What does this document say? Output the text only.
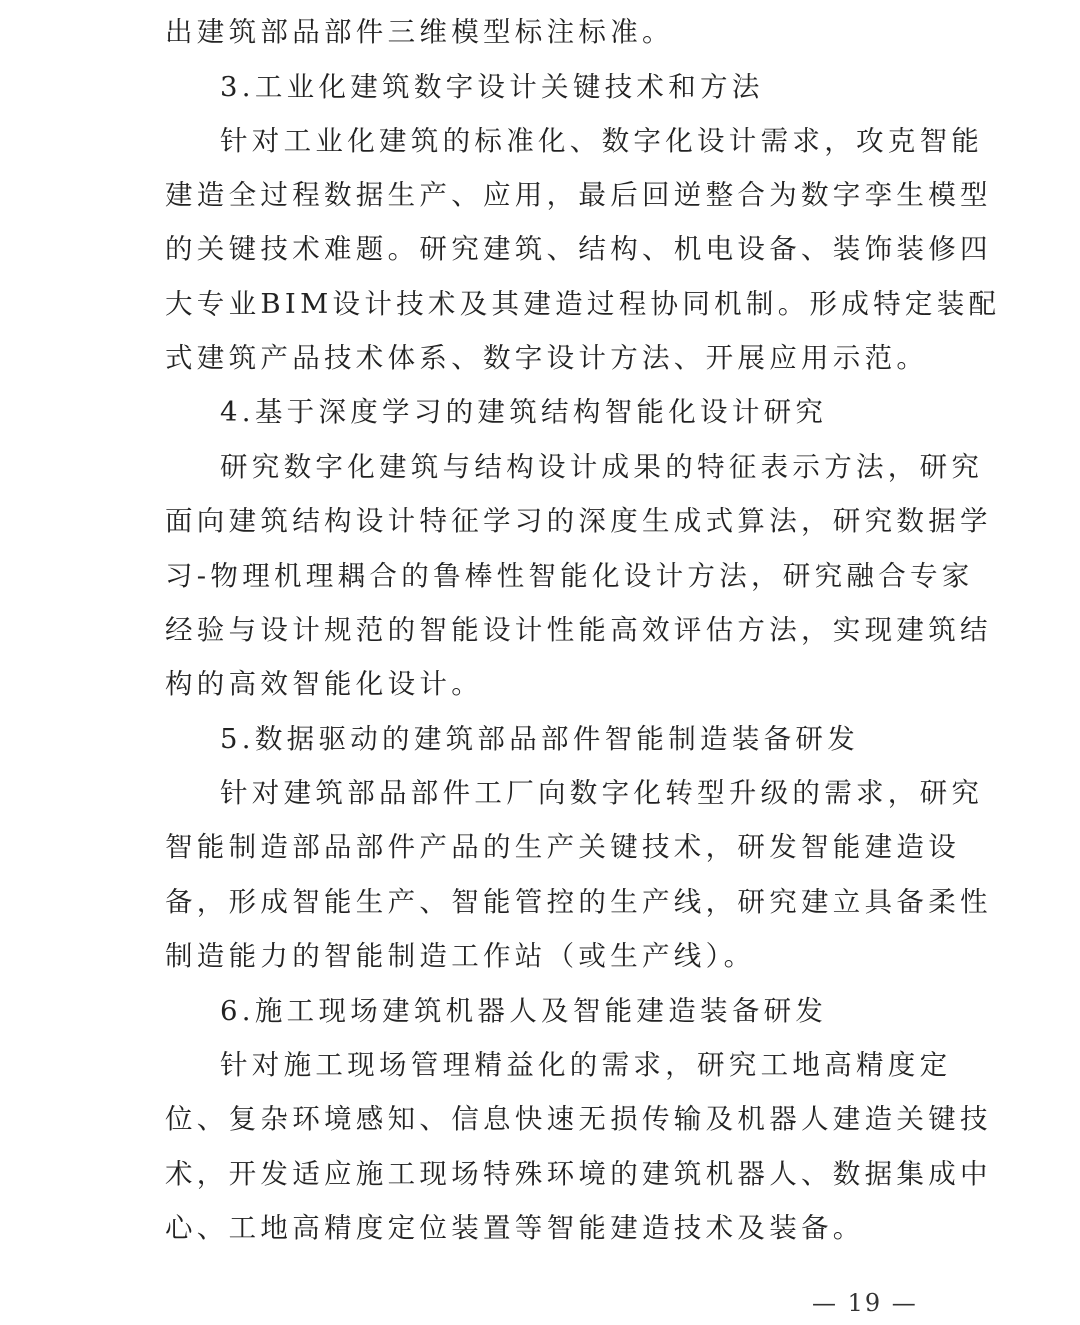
出建筑部品部件三维模型标注标准。
3.工业化建筑数字设计关键技术和方法
针对工业化建筑的标准化、数字化设计需求，攻克智能
建造全过程数据生产、应用，最后回逆整合为数字孪生模型
的关键技术难题。研究建筑、结构、机电设备、装饰装修四
大专业BIM设计技术及其建造过程协同机制。形成特定装配
式建筑产品技术体系、数字设计方法、开展应用示范。
4.基于深度学习的建筑结构智能化设计研究
研究数字化建筑与结构设计成果的特征表示方法，研究
面向建筑结构设计特征学习的深度生成式算法，研究数据学
习-物理机理耦合的鲁棒性智能化设计方法，研究融合专家
经验与设计规范的智能设计性能高效评估方法，实现建筑结
构的高效智能化设计。
5.数据驱动的建筑部品部件智能制造装备研发
针对建筑部品部件工厂向数字化转型升级的需求，研究
智能制造部品部件产品的生产关键技术，研发智能建造设
备，形成智能生产、智能管控的生产线，研究建立具备柔性
制造能力的智能制造工作站（或生产线）。
6.施工现场建筑机器人及智能建造装备研发
针对施工现场管理精益化的需求，研究工地高精度定
位、复杂环境感知、信息快速无损传输及机器人建造关键技
术，开发适应施工现场特殊环境的建筑机器人、数据集成中
心、工地高精度定位装置等智能建造技术及装备。
— 19 —
